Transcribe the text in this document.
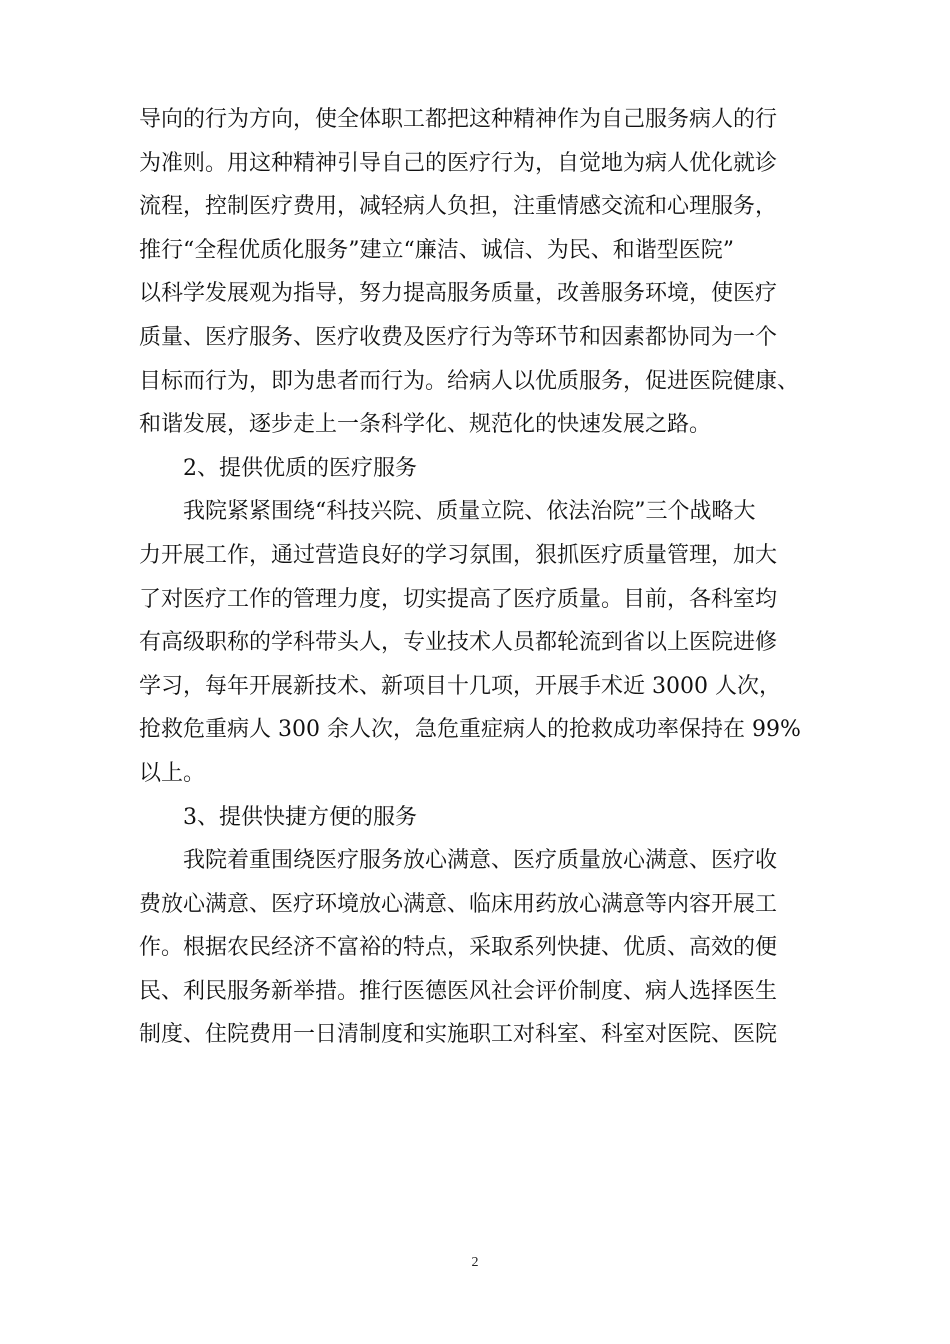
导向的行为方向，使全体职工都把这种精神作为自己服务病人的行
为准则。用这种精神引导自己的医疗行为，自觉地为病人优化就诊
流程，控制医疗费用，减轻病人负担，注重情感交流和心理服务，
推行“全程优质化服务”建立“廉洁、诚信、为民、和谐型医院”
以科学发展观为指导，努力提高服务质量，改善服务环境，使医疗
质量、医疗服务、医疗收费及医疗行为等环节和因素都协同为一个
目标而行为，即为患者而行为。给病人以优质服务，促进医院健康、
和谐发展，逐步走上一条科学化、规范化的快速发展之路。
2、提供优质的医疗服务
我院紧紧围绕“科技兴院、质量立院、依法治院”三个战略大
力开展工作，通过营造良好的学习氛围，狠抓医疗质量管理，加大
了对医疗工作的管理力度，切实提高了医疗质量。目前，各科室均
有高级职称的学科带头人，专业技术人员都轮流到省以上医院进修
学习，每年开展新技术、新项目十几项，开展手术近 3000 人次，
抢救危重病人 300 余人次，急危重症病人的抢救成功率保持在 99%
以上。
3、提供快捷方便的服务
我院着重围绕医疗服务放心满意、医疗质量放心满意、医疗收
费放心满意、医疗环境放心满意、临床用药放心满意等内容开展工
作。根据农民经济不富裕的特点，采取系列快捷、优质、高效的便
民、利民服务新举措。推行医德医风社会评价制度、病人选择医生
制度、住院费用一日清制度和实施职工对科室、科室对医院、医院
2
